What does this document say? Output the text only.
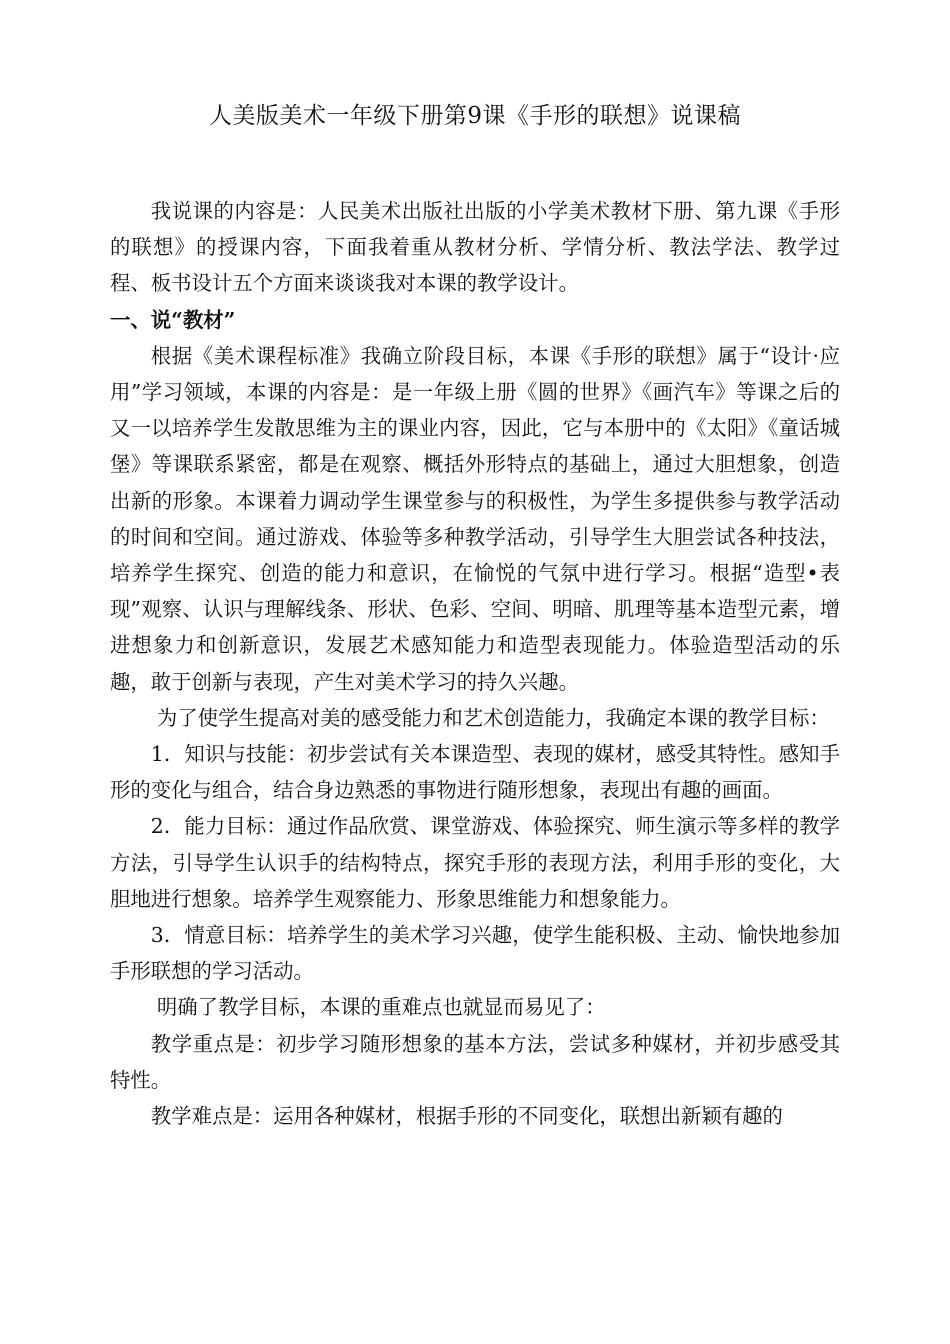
人美版美术一年级下册第9课《手形的联想》说课稿

我说课的内容是：人民美术出版社出版的小学美术教材下册、第九课《手形的联想》的授课内容，下面我着重从教材分析、学情分析、教法学法、教学过程、板书设计五个方面来谈谈我对本课的教学设计。

一、说“教材”

根据《美术课程标准》我确立阶段目标，本课《手形的联想》属于“设计·应用”学习领域，本课的内容是：是一年级上册《圆的世界》《画汽车》等课之后的又一以培养学生发散思维为主的课业内容，因此，它与本册中的《太阳》《童话城堡》等课联系紧密，都是在观察、概括外形特点的基础上，通过大胆想象，创造出新的形象。本课着力调动学生课堂参与的积极性，为学生多提供参与教学活动的时间和空间。通过游戏、体验等多种教学活动，引导学生大胆尝试各种技法，培养学生探究、创造的能力和意识，在愉悦的气氛中进行学习。根据“造型•表现”观察、认识与理解线条、形状、色彩、空间、明暗、肌理等基本造型元素，增进想象力和创新意识，发展艺术感知能力和造型表现能力。体验造型活动的乐趣，敢于创新与表现，产生对美术学习的持久兴趣。

为了使学生提高对美的感受能力和艺术创造能力，我确定本课的教学目标：

1．知识与技能：初步尝试有关本课造型、表现的媒材，感受其特性。感知手形的变化与组合，结合身边熟悉的事物进行随形想象，表现出有趣的画面。

2．能力目标：通过作品欣赏、课堂游戏、体验探究、师生演示等多样的教学方法，引导学生认识手的结构特点，探究手形的表现方法，利用手形的变化，大胆地进行想象。培养学生观察能力、形象思维能力和想象能力。

3．情意目标：培养学生的美术学习兴趣，使学生能积极、主动、愉快地参加手形联想的学习活动。

明确了教学目标，本课的重难点也就显而易见了：

教学重点是：初步学习随形想象的基本方法，尝试多种媒材，并初步感受其特性。

教学难点是：运用各种媒材，根据手形的不同变化，联想出新颖有趣的
